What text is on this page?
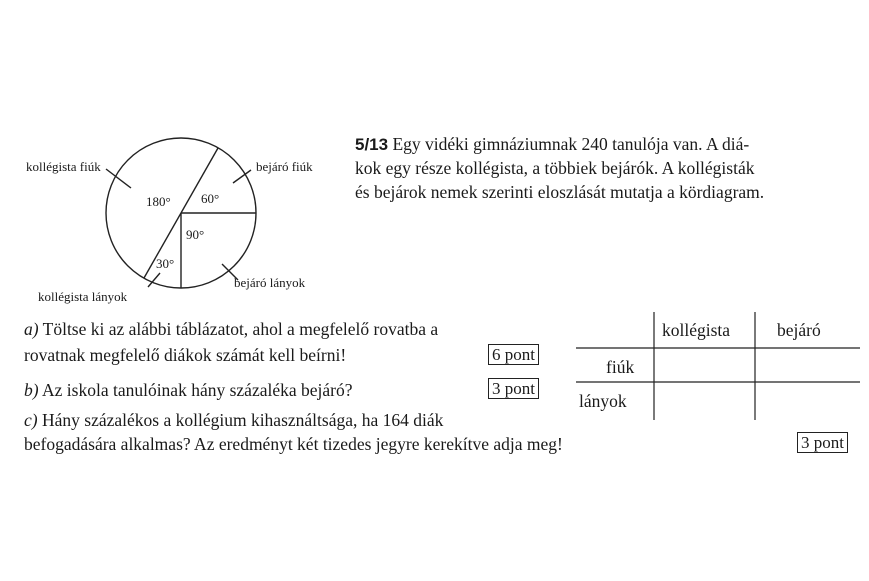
kollégista fiúk	bejáró fiúk
kollégista lányok
bejáró lányok
180° 60°
90°
30°
5/13 Egy vidéki gimnáziumnak 240 tanulója van. A diá-
kok egy része kollégista, a többiek bejárók. A kollégisták
és bejárok nemek szerinti eloszlását mutatja a kördiagram.
a) Töltse ki az alábbi táblázatot, ahol a megfelelő rovatba a
rovatnak megfelelő diákok számát kell beírni!	6 pont
b) Az iskola tanulóinak hány százaléka bejáró?	3 pont
c) Hány százalékos a kollégium kihasználtsága, ha 164 diák
befogadására alkalmas? Az eredményt két tizedes jegyre kerekítve adja meg!	3 pont
kollégista	bejáró
fiúk
lányok
